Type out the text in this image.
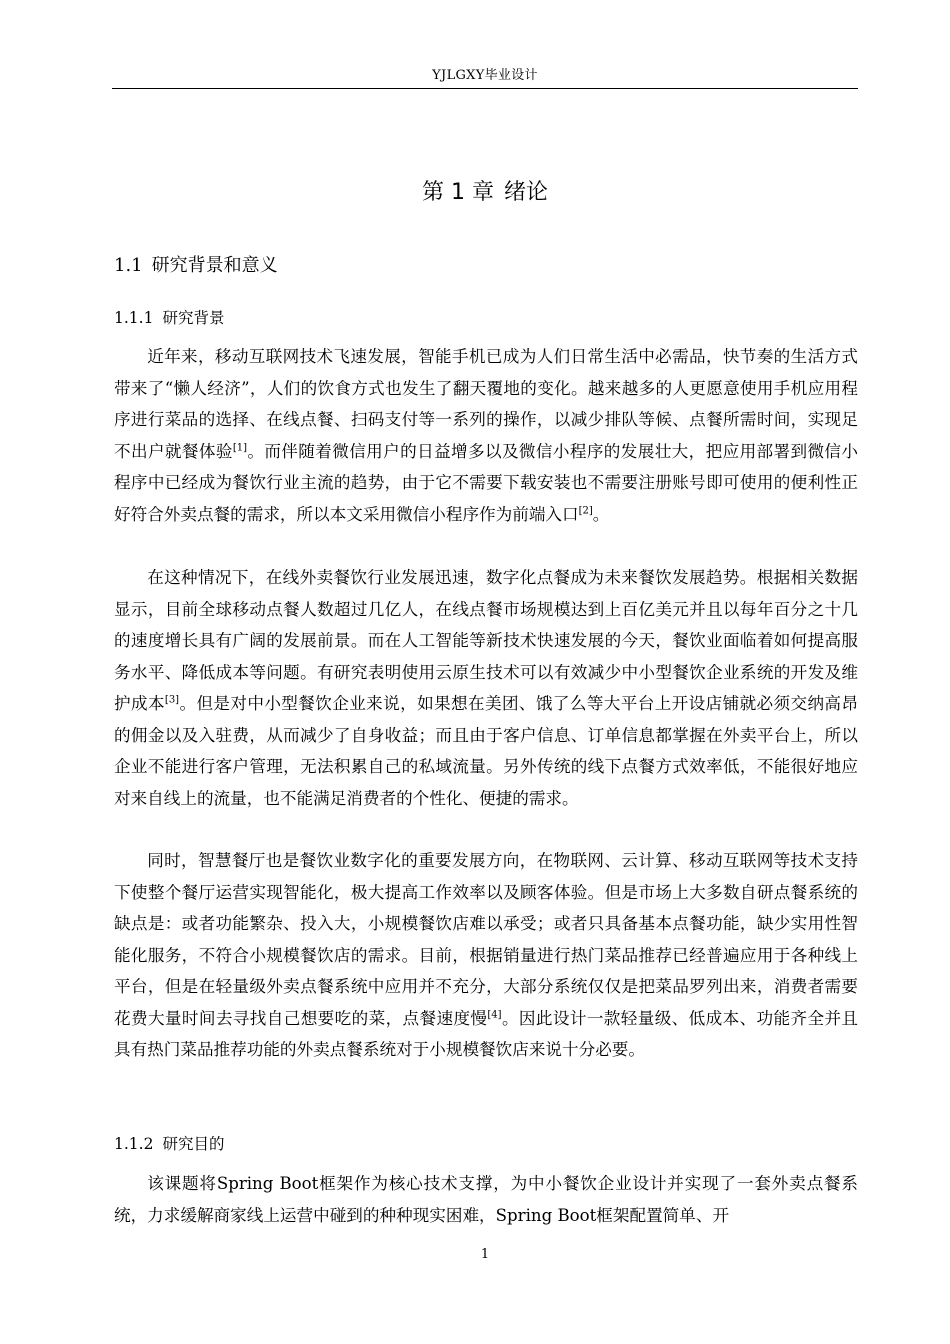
YJLGXY毕业设计
第 1 章 绪论
1.1 研究背景和意义
1.1.1 研究背景

近年来，移动互联网技术飞速发展，智能手机已成为人们日常生活中必需品，快节奏的生活方式带来了“懒人经济”，人们的饮食方式也发生了翻天覆地的变化。越来越多的人更愿意使用手机应用程序进行菜品的选择、在线点餐、扫码支付等一系列的操作，以减少排队等候、点餐所需时间，实现足不出户就餐体验[1]。而伴随着微信用户的日益增多以及微信小程序的发展壮大，把应用部署到微信小程序中已经成为餐饮行业主流的趋势，由于它不需要下载安装也不需要注册账号即可使用的便利性正好符合外卖点餐的需求，所以本文采用微信小程序作为前端入口[2]。

在这种情况下，在线外卖餐饮行业发展迅速，数字化点餐成为未来餐饮发展趋势。根据相关数据显示，目前全球移动点餐人数超过几亿人，在线点餐市场规模达到上百亿美元并且以每年百分之十几的速度增长具有广阔的发展前景。而在人工智能等新技术快速发展的今天，餐饮业面临着如何提高服务水平、降低成本等问题。有研究表明使用云原生技术可以有效减少中小型餐饮企业系统的开发及维护成本[3]。但是对中小型餐饮企业来说，如果想在美团、饿了么等大平台上开设店铺就必须交纳高昂的佣金以及入驻费，从而减少了自身收益；而且由于客户信息、订单信息都掌握在外卖平台上，所以企业不能进行客户管理，无法积累自己的私域流量。另外传统的线下点餐方式效率低，不能很好地应对来自线上的流量，也不能满足消费者的个性化、便捷的需求。

同时，智慧餐厅也是餐饮业数字化的重要发展方向，在物联网、云计算、移动互联网等技术支持下使整个餐厅运营实现智能化，极大提高工作效率以及顾客体验。但是市场上大多数自研点餐系统的缺点是：或者功能繁杂、投入大，小规模餐饮店难以承受；或者只具备基本点餐功能，缺少实用性智能化服务，不符合小规模餐饮店的需求。目前，根据销量进行热门菜品推荐已经普遍应用于各种线上平台，但是在轻量级外卖点餐系统中应用并不充分，大部分系统仅仅是把菜品罗列出来，消费者需要花费大量时间去寻找自己想要吃的菜，点餐速度慢[4]。因此设计一款轻量级、低成本、功能齐全并且具有热门菜品推荐功能的外卖点餐系统对于小规模餐饮店来说十分必要。

1.1.2 研究目的

该课题将Spring Boot框架作为核心技术支撑，为中小餐饮企业设计并实现了一套外卖点餐系统，力求缓解商家线上运营中碰到的种种现实困难，Spring Boot框架配置简单、开

1
